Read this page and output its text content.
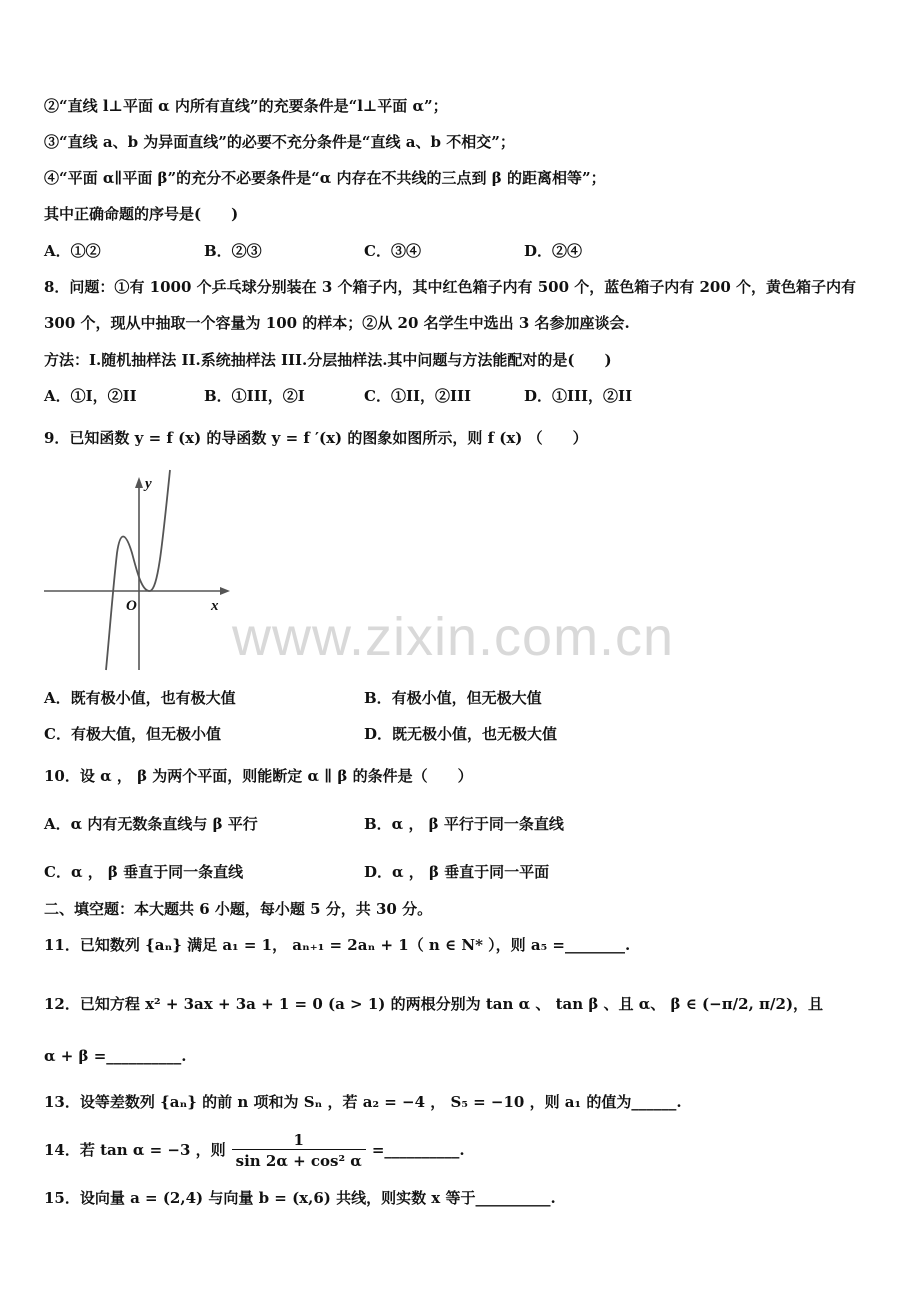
②“直线 l⊥平面 α 内所有直线”的充要条件是“l⊥平面 α”；
③“直线 a、b 为异面直线”的必要不充分条件是“直线 a、b 不相交”；
④“平面 α∥平面 β”的充分不必要条件是“α 内存在不共线的三点到 β 的距离相等”；
其中正确命题的序号是(　　)
A．①②	B．②③	C．③④	D．②④
8．问题：①有 1000 个乒乓球分别装在 3 个箱子内，其中红色箱子内有 500 个，蓝色箱子内有 200 个，黄色箱子内有
300 个，现从中抽取一个容量为 100 的样本；②从 20 名学生中选出 3 名参加座谈会.
方法：I.随机抽样法 II.系统抽样法 III.分层抽样法.其中问题与方法能配对的是(　　)
A．①I，②II	B．①III，②I	C．①II，②III	D．①III，②II
9．已知函数 y = f (x) 的导函数 y = f ′(x) 的图象如图所示，则 f (x) （　　）
y
x
O
A．既有极小值，也有极大值	B．有极小值，但无极大值
C．有极大值，但无极小值	D．既无极小值，也无极大值
10．设 α ， β 为两个平面，则能断定 α ∥ β 的条件是（　　）
A．α 内有无数条直线与 β 平行	B．α ， β 平行于同一条直线
C．α ， β 垂直于同一条直线	D．α ， β 垂直于同一平面
二、填空题：本大题共 6 小题，每小题 5 分，共 30 分。
11．已知数列 {aₙ} 满足 a₁ = 1， aₙ₊₁ = 2aₙ + 1（ n ∈ N* ），则 a₅ =________.
12．已知方程 x² + 3ax + 3a + 1 = 0 (a > 1) 的两根分别为 tan α 、 tan β 、且 α、 β ∈ (−π/2, π/2)，且
α + β =__________.
13．设等差数列 {aₙ} 的前 n 项和为 Sₙ ，若 a₂ = −4 ， S₅ = −10 ，则 a₁ 的值为______.
14．若 tan α = −3 ，则 $\frac{1}{\text{sin 2α + cos² α}}$ =__________.
15．设向量 a = (2,4) 与向量 b = (x,6) 共线，则实数 x 等于__________.
www.zixin.com.cn
